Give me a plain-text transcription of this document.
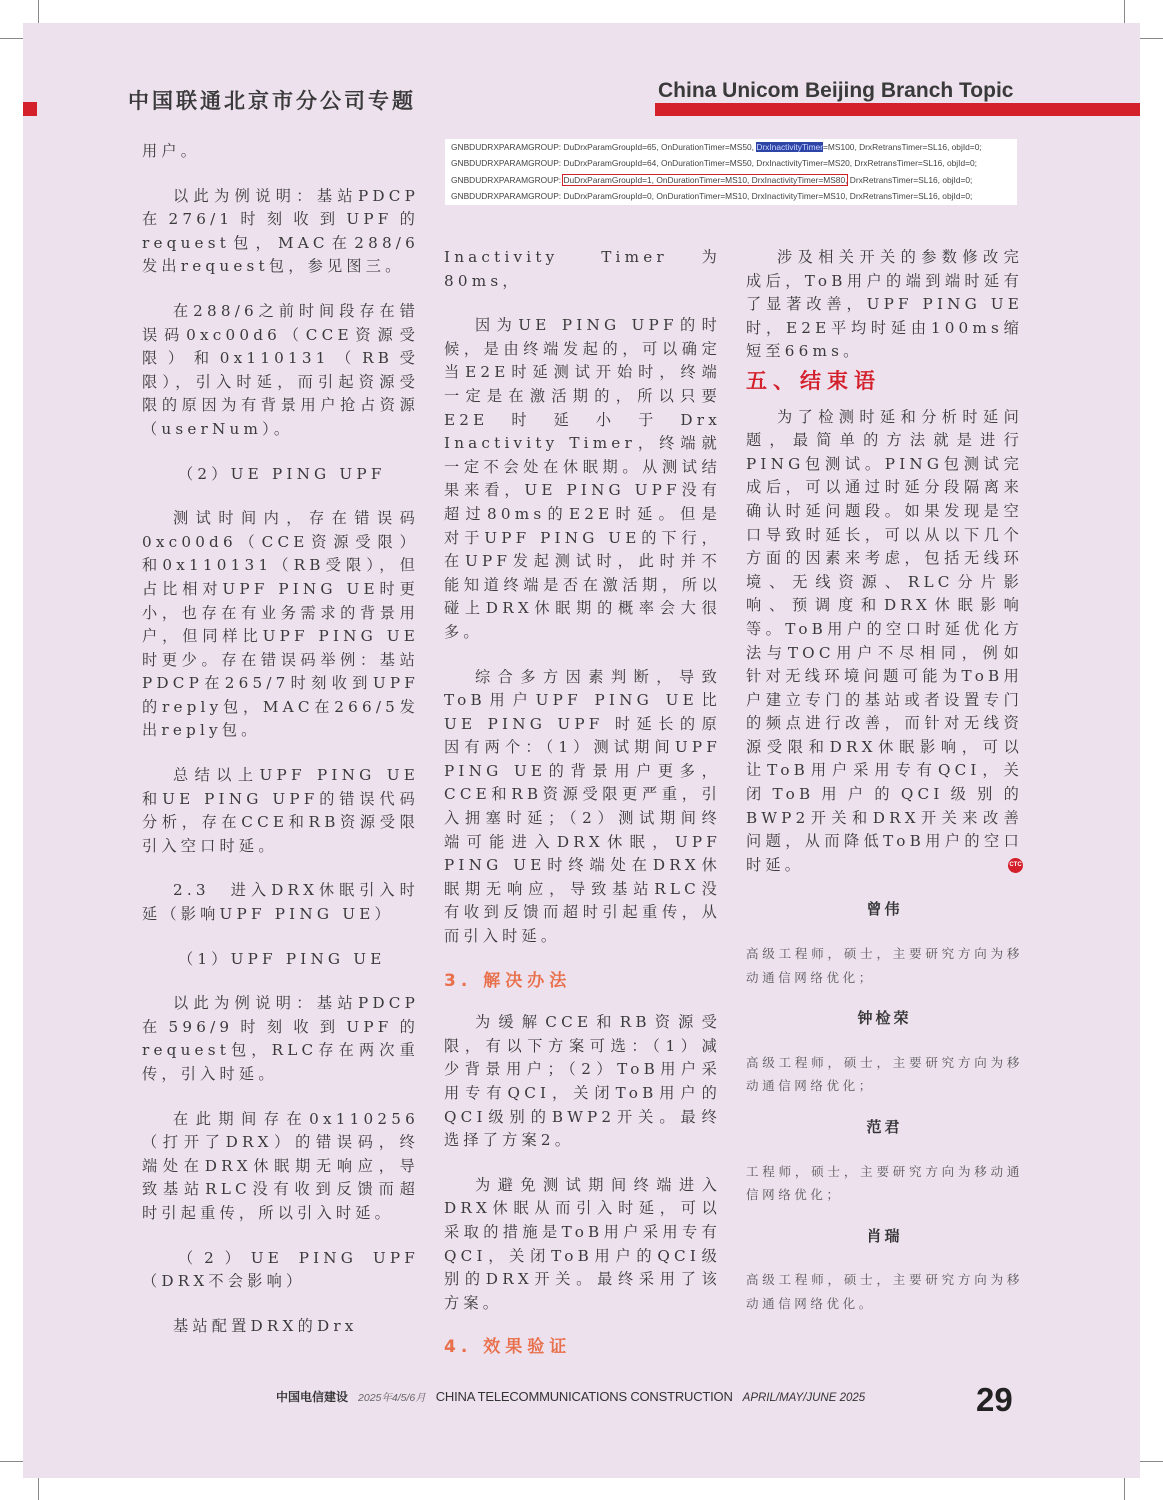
中国联通北京市分公司专题	China Unicom Beijing Branch Topic
GNBDUDRXPARAMGROUP: DuDrxParamGroupId=65, OnDurationTimer=MS50, DrxInactivityTimer=MS100, DrxRetransTimer=SL16, objId=0;
GNBDUDRXPARAMGROUP: DuDrxParamGroupId=64, OnDurationTimer=MS50, DrxInactivityTimer=MS20, DrxRetransTimer=SL16, objId=0;
GNBDUDRXPARAMGROUP: DuDrxParamGroupId=1, OnDurationTimer=MS10, DrxInactivityTimer=MS80, DrxRetransTimer=SL16, objId=0;
GNBDUDRXPARAMGROUP: DuDrxParamGroupId=0, OnDurationTimer=MS10, DrxInactivityTimer=MS10, DrxRetransTimer=SL16, objId=0;

用户。

以此为例说明：基站PDCP在276/1时刻收到UPF的request包，MAC在288/6发出request包，参见图三。

在288/6之前时间段存在错误码0xc00d6（CCE资源受限）和0x110131（RB受限），引入时延，而引起资源受限的原因为有背景用户抢占资源（userNum）。

（2）UE PING UPF

测试时间内，存在错误码0xc00d6（CCE资源受限）和0x110131（RB受限），但占比相对UPF PING UE时更小，也存在有业务需求的背景用户，但同样比UPF PING UE时更少。存在错误码举例：基站PDCP在265/7时刻收到UPF的reply包，MAC在266/5发出reply包。

总结以上UPF PING UE和UE PING UPF的错误代码分析，存在CCE和RB资源受限引入空口时延。

2.3　进入DRX休眠引入时延（影响UPF PING UE）

（1）UPF PING UE

以此为例说明：基站PDCP在596/9时刻收到UPF的request包，RLC存在两次重传，引入时延。

在此期间存在0x110256（打开了DRX）的错误码，终端处在DRX休眠期无响应，导致基站RLC没有收到反馈而超时引起重传，所以引入时延。

（2）UE PING UPF（DRX不会影响）

基站配置DRX的Drx

Inactivity Timer为80ms，

因为UE PING UPF的时候，是由终端发起的，可以确定当E2E时延测试开始时，终端一定是在激活期的，所以只要E2E时延小于Drx Inactivity Timer，终端就一定不会处在休眠期。从测试结果来看，UE PING UPF没有超过80ms的E2E时延。但是对于UPF PING UE的下行，在UPF发起测试时，此时并不能知道终端是否在激活期，所以碰上DRX休眠期的概率会大很多。

综合多方因素判断，导致ToB用户UPF PING UE比UE PING UPF 时延长的原因有两个：（1）测试期间UPF PING UE的背景用户更多，CCE和RB资源受限更严重，引入拥塞时延；（2）测试期间终端可能进入DRX休眠，UPF PING UE时终端处在DRX休眠期无响应，导致基站RLC没有收到反馈而超时引起重传，从而引入时延。

3. 解决办法

为缓解CCE和RB资源受限，有以下方案可选：（1）减少背景用户；（2）ToB用户采用专有QCI，关闭ToB用户的QCI级别的BWP2开关。最终选择了方案2。

为避免测试期间终端进入DRX休眠从而引入时延，可以采取的措施是ToB用户采用专有QCI，关闭ToB用户的QCI级别的DRX开关。最终采用了该方案。

4. 效果验证

涉及相关开关的参数修改完成后，ToB用户的端到端时延有了显著改善，UPF PING UE时，E2E平均时延由100ms缩短至66ms。

五、结束语

为了检测时延和分析时延问题，最简单的方法就是进行PING包测试。PING包测试完成后，可以通过时延分段隔离来确认时延问题段。如果发现是空口导致时延长，可以从以下几个方面的因素来考虑，包括无线环境、无线资源、RLC分片影响、预调度和DRX休眠影响等。ToB用户的空口时延优化方法与TOC用户不尽相同，例如针对无线环境问题可能为ToB用户建立专门的基站或者设置专门的频点进行改善，而针对无线资源受限和DRX休眠影响，可以让ToB用户采用专有QCI，关闭ToB用户的QCI级别的BWP2开关和DRX开关来改善问题，从而降低ToB用户的空口时延。	CTC

曾伟
高级工程师，硕士，主要研究方向为移动通信网络优化；
钟检荣
高级工程师，硕士，主要研究方向为移动通信网络优化；
范君
工程师，硕士，主要研究方向为移动通信网络优化；
肖瑞
高级工程师，硕士，主要研究方向为移动通信网络优化。
中国电信建设 2025年4/5/6月 CHINA TELECOMMUNICATIONS CONSTRUCTION APRIL/MAY/JUNE 2025	29
